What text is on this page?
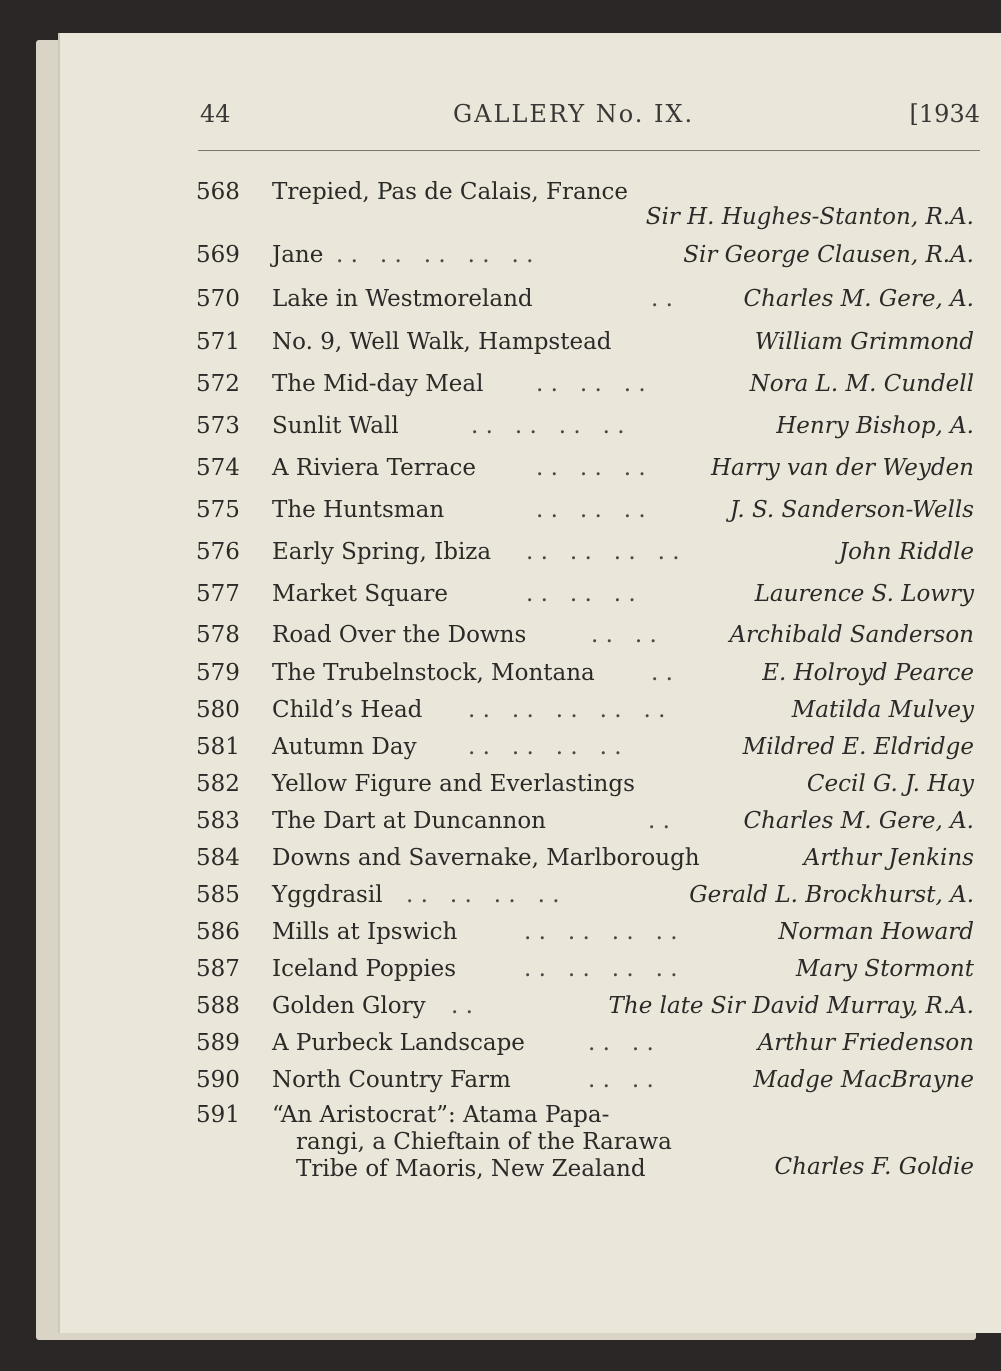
44	GALLERY No. IX.	[1934
568 Trepied, Pas de Calais, France
Sir H. Hughes-Stanton, R.A.
569 Jane . .   . .   . .   . .   . .	Sir George Clausen, R.A.
570 Lake in Westmoreland	. .	Charles M. Gere, A.
571 No. 9, Well Walk, Hampstead	William Grimmond
572 The Mid-day Meal . .   . .   . .	Nora L. M. Cundell
573 Sunlit Wall	. .   . .   . .   . .	Henry Bishop, A.
574 A Riviera Terrace	. .   . .   . .	Harry van der Weyden
575 The Huntsman	. .   . .   . .	J. S. Sanderson-Wells
576 Early Spring, Ibiza . .   . .   . .   . .	John Riddle
577 Market Square	. .   . .   . .	Laurence S. Lowry
578 Road Over the Downs	. .   . .	Archibald Sanderson
579 The Trubelnstock, Montana . .	E. Holroyd Pearce
580 Child’s Head . .   . .   . .   . .   . .	Matilda Mulvey
581 Autumn Day . .   . .   . .   . .	Mildred E. Eldridge
582 Yellow Figure and Everlastings	Cecil G. J. Hay
583 The Dart at Duncannon	. .	Charles M. Gere, A.
584 Downs and Savernake, Marlborough	Arthur Jenkins
585 Yggdrasil . .   . .   . .   . .	Gerald L. Brockhurst, A.
586 Mills at Ipswich	. .   . .   . .   . .	Norman Howard
587 Iceland Poppies	. .   . .   . .   . .	Mary Stormont
588 Golden Glory . .	The late Sir David Murray, R.A.
589 A Purbeck Landscape	. .   . .	Arthur Friedenson
590 North Country Farm	. .   . .	Madge MacBrayne
591 “An Aristocrat”: Atama Papa-
rangi, a Chieftain of the Rarawa
Tribe of Maoris, New Zealand	Charles F. Goldie
